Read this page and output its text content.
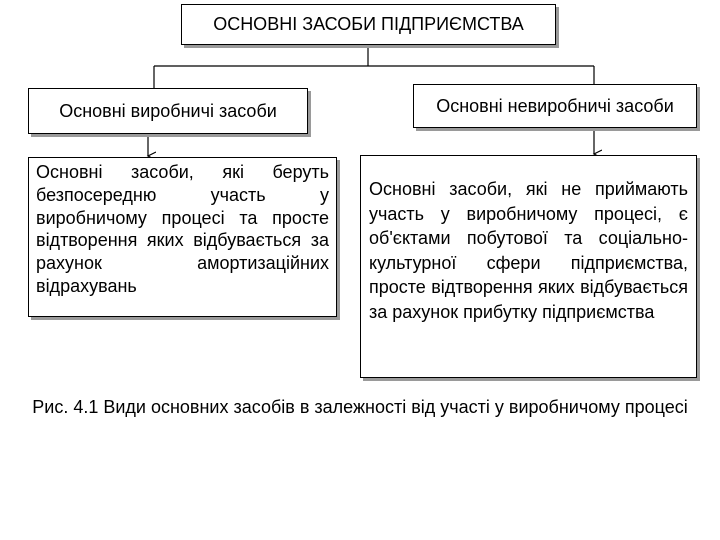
ОСНОВНІ ЗАСОБИ ПІДПРИЄМСТВА
Основні виробничі засоби	Основні невиробничі засоби
Основні засоби, які беруть безпосередню участь у виробничому процесі та просте відтворення яких відбувається за рахунок амортизаційних відрахувань
Основні засоби, які не приймають участь у виробничому процесі, є об'єктами побутової та соціально-культурної сфери підприємства, просте відтворення яких відбувається за рахунок прибутку підприємства
Рис. 4.1 Види основних засобів в залежності від участі у виробничому процесі
